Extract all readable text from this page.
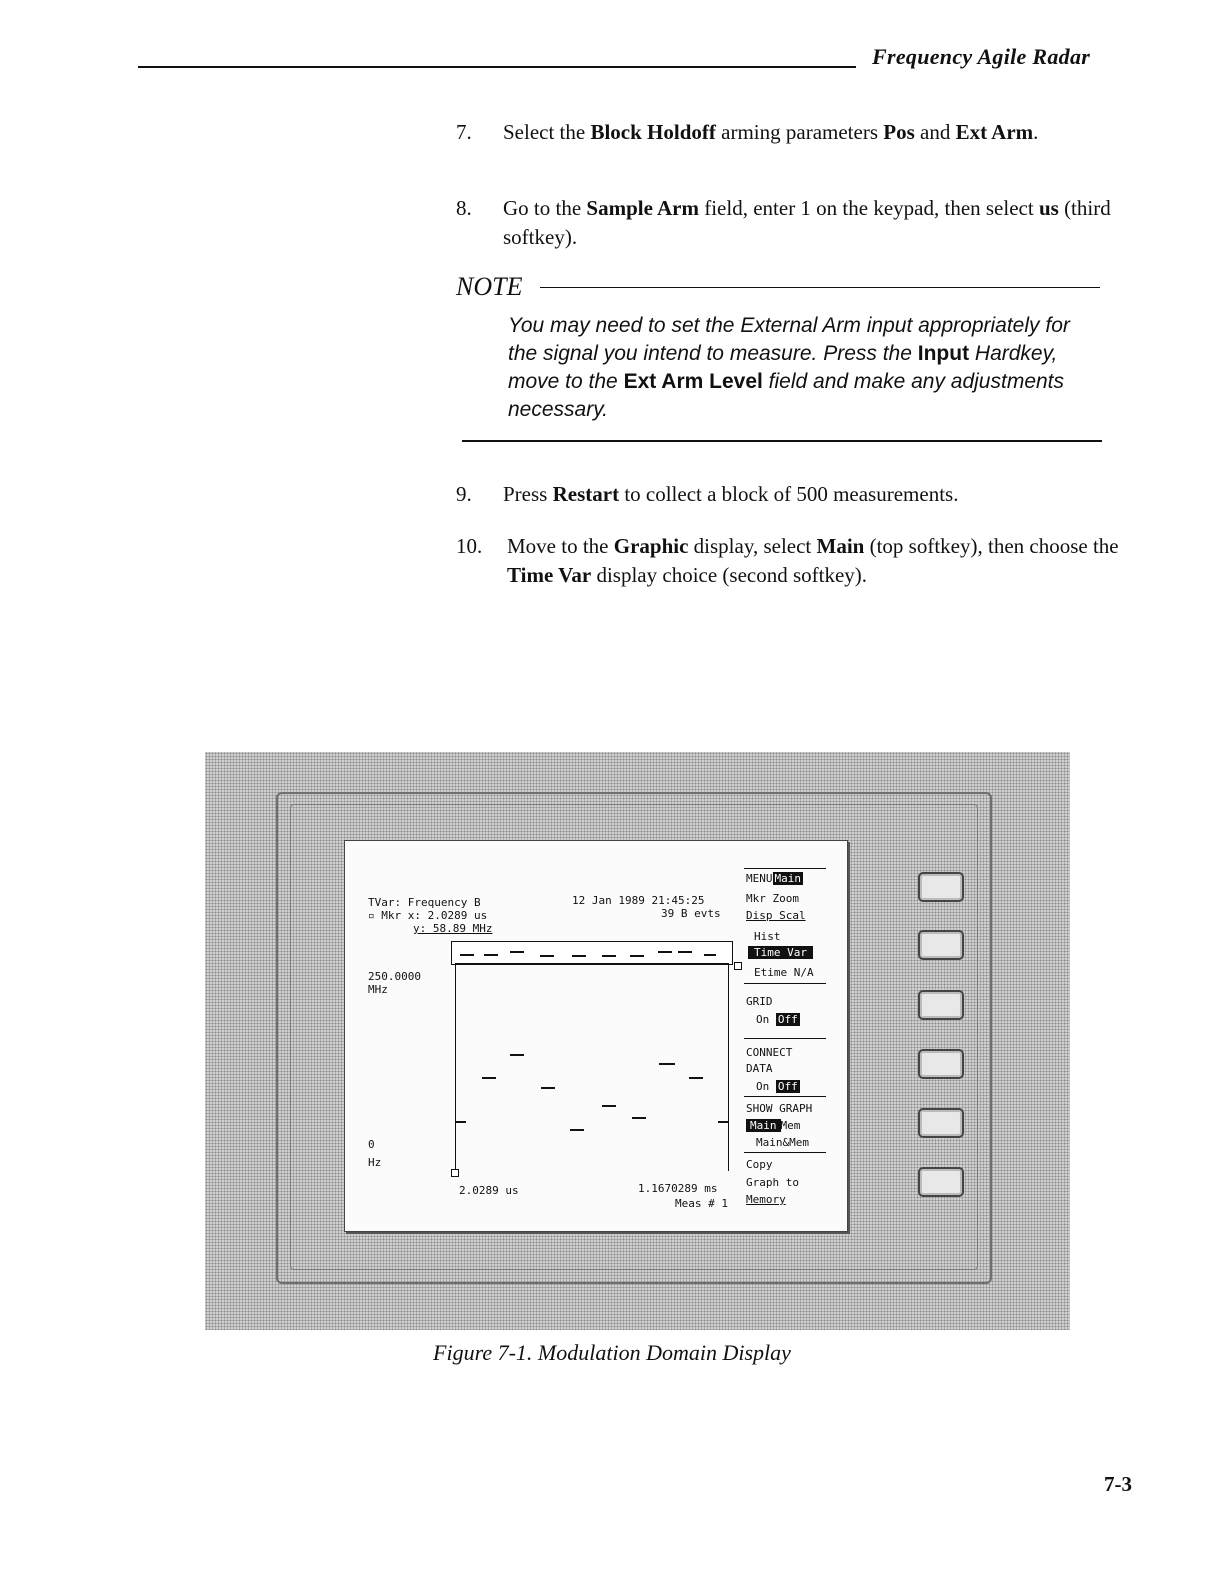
Frequency Agile Radar
7. Select the Block Holdoff arming parameters Pos and Ext Arm.
8. Go to the Sample Arm field, enter 1 on the keypad, then select us (third softkey).
NOTE
You may need to set the External Arm input appropriately for the signal you intend to measure. Press the Input Hardkey, move to the Ext Arm Level field and make any adjustments necessary.
9. Press Restart to collect a block of 500 measurements.
10. Move to the Graphic display, select Main (top softkey), then choose the Time Var display choice (second softkey).
TVar: Frequency B	12 Jan 1989 21:45:25
▫ Mkr x: 2.0289 us	39 B evts
y: 58.89 MHz
250.0000
MHz
0
Hz
2.0289 us	1.1670289 ms
Meas # 1
MENU Main
Mkr Zoom
Disp Scal
Hist
Time Var
Etime N/A
GRID
On Off
CONNECT
DATA
On Off
SHOW GRAPH
Main Mem
Main&Mem
Copy
Graph to
Memory
Figure 7-1. Modulation Domain Display
7-3
